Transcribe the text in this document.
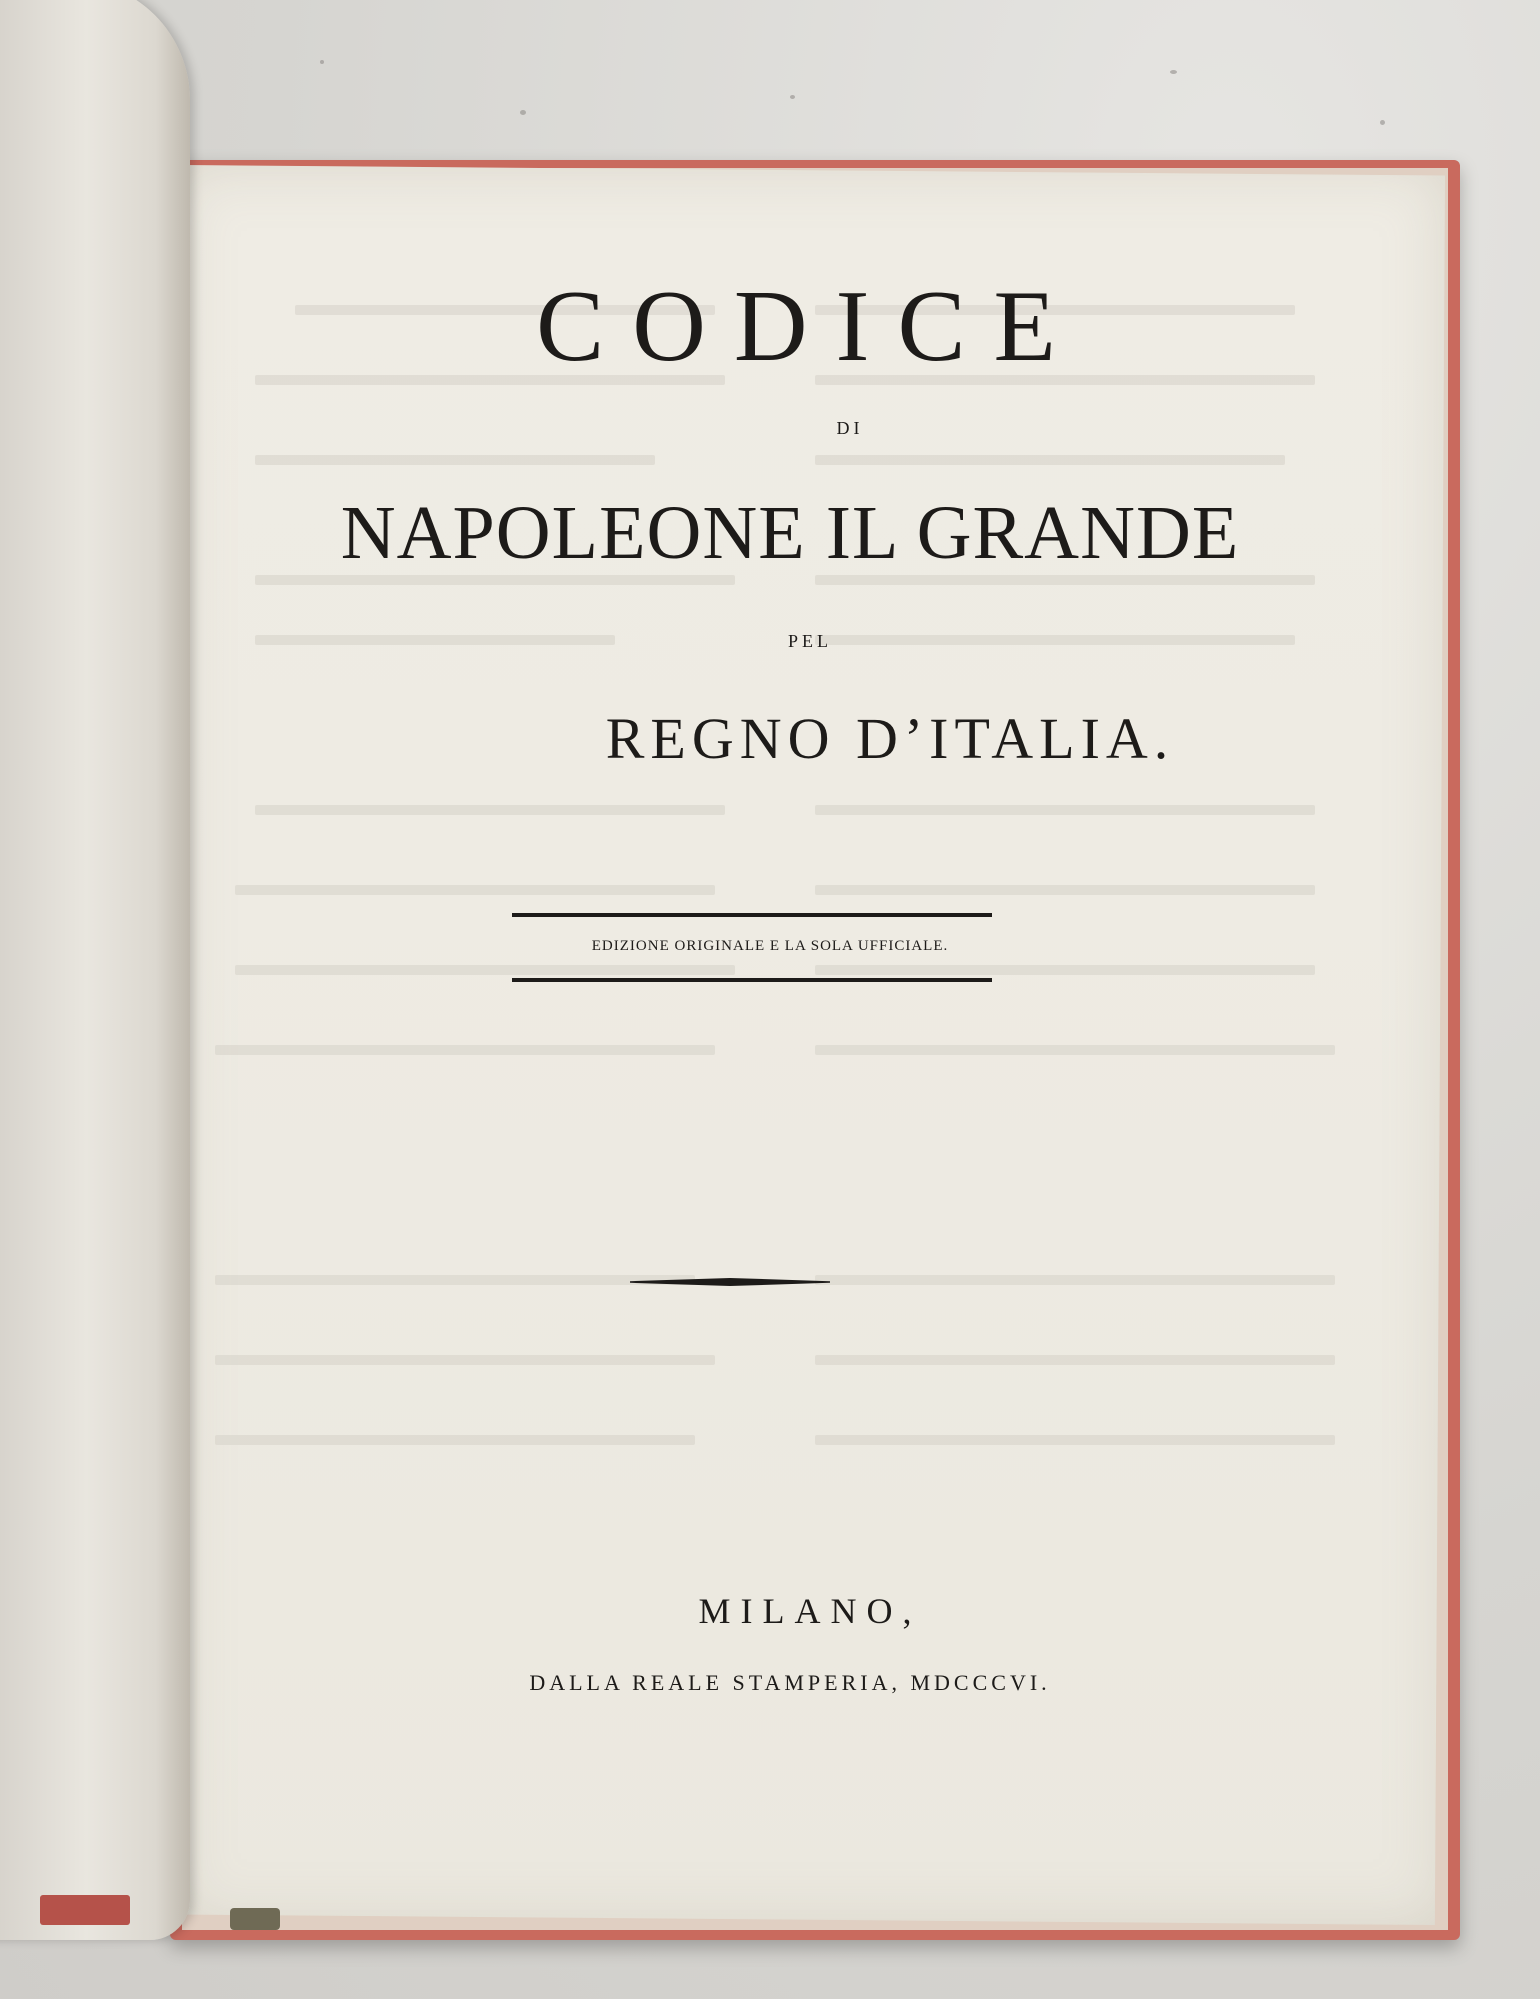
CODICE
DI
NAPOLEONE IL GRANDE
PEL
REGNO D’ITALIA.
EDIZIONE ORIGINALE E LA SOLA UFFICIALE.
MILANO,
DALLA REALE STAMPERIA, MDCCCVI.
